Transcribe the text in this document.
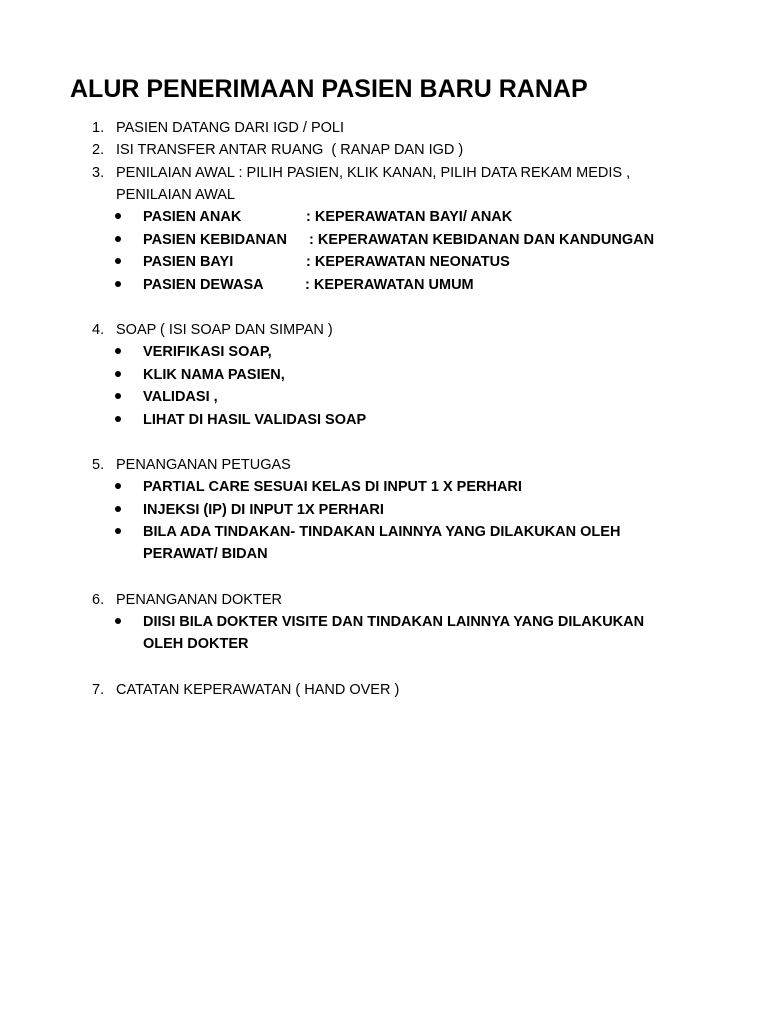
ALUR PENERIMAAN PASIEN BARU RANAP
1. PASIEN DATANG DARI IGD / POLI
2. ISI TRANSFER ANTAR RUANG  ( RANAP DAN IGD )
3. PENILAIAN AWAL : PILIH PASIEN, KLIK KANAN, PILIH DATA REKAM MEDIS ,
PENILAIAN AWAL
PASIEN ANAK	: KEPERAWATAN BAYI/ ANAK
PASIEN KEBIDANAN : KEPERAWATAN KEBIDANAN DAN KANDUNGAN
PASIEN BAYI	: KEPERAWATAN NEONATUS
PASIEN DEWASA	: KEPERAWATAN UMUM
4. SOAP ( ISI SOAP DAN SIMPAN )
VERIFIKASI SOAP,
KLIK NAMA PASIEN,
VALIDASI ,
LIHAT DI HASIL VALIDASI SOAP
5. PENANGANAN PETUGAS
PARTIAL CARE SESUAI KELAS DI INPUT 1 X PERHARI
INJEKSI (IP) DI INPUT 1X PERHARI
BILA ADA TINDAKAN- TINDAKAN LAINNYA YANG DILAKUKAN OLEH
PERAWAT/ BIDAN
6. PENANGANAN DOKTER
DIISI BILA DOKTER VISITE DAN TINDAKAN LAINNYA YANG DILAKUKAN
OLEH DOKTER
7. CATATAN KEPERAWATAN ( HAND OVER )
